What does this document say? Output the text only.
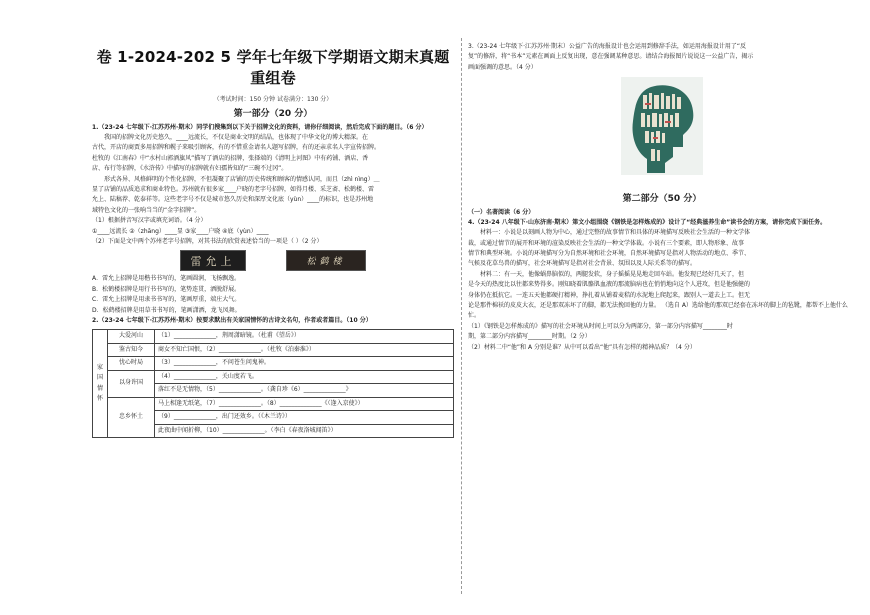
卷 1-2024-202 5 学年七年级下学期语文期末真题重组卷
（考试时间：150 分钟 试卷满分：130 分）
第一部分（20 分）

1.（23-24 七年级下·江苏苏州·期末）同学们搜集到以下关于招牌文化的资料，请你仔细阅读，然后完成下面的题目。（6 分）

我国的招牌文化历史悠久，____远流长，不仅是商业文明的结晶，也体现了中华文化的博大精深。在

古代，开店的商贾多用招牌和幌子来吸引顾客，有的不惜重金请名人题写招牌，有的还亲求名人字宣传招牌。

杜牧的《江南春》中“水村山郭酒旗风”描写了酒店的招牌，张择端的《清明上河图》中有药铺、酒店、香

店、布行等招牌，《水浒传》中描写的招牌就有妇孺皆知的“三碗不过冈”。

形式各异、风格鲜明的个性化招牌，不但凝聚了店铺的历史传统和顾客的情感认同，而且（zhì nìng）＿

显了店铺的品质追求和商业特色。苏州就有很多家____户晓的老字号招牌，如得月楼、采芝斋、松鹤楼、雷

允上、陆稿荐、乾泰祥等。这些老字号不仅是城市悠久历史和深厚文化底（yùn）____的标识，也是苏州地

域特色文化的一张响当当的“金字招牌”。

（1）根据拼音写汉字或填充词语。（4 分）

①____远流长 ②（zhāng）____显 ③家____户晓 ④底（yùn）____

（2）下面是文中两个苏州老字号招牌，对其书法的欣赏表述恰当的一项是（ ）（2 分）

雷允上	松鹤楼

A．雷允上招牌是用楷书书写的，笔画圆润，飞扬飘逸。

B．松鹤楼招牌是用行书书写的，笔势连贯，洒脱舒展。

C．雷允上招牌是用隶书书写的，笔画厚重，端庄大气。

D．松鹤楼招牌是用草书书写的，笔画潇洒，龙飞凤舞。

2.（23-24 七年级下·江苏苏州·期末）按要求默出有关家国情怀的古诗文名句，作者或者篇目。（10 分）

家国情怀	大爱河山	（1）______________，荆周潇暗镜。（杜甫《望岳》）
	鉴古知今	商女不知亡国恨，（2）______________。（杜牧《泊秦淮》）
	忧心时局	（3）______________，不问苍生问鬼神。
	以身许国	（4）______________，关山度若飞。
		落红不是无情物，（5）______________。（龚自珍《6）______________》
	忠乡怀土	马上相逢无纸笔，（7）______________。（8）______________《（逢入京使》）
		（9）______________，出门还效乡。（《木兰诗》）
		此夜曲中闻折柳，（10）______________。（李白《春夜洛城闻笛》）

3.（23-24 七年级下·江苏苏州·期末）公益广告的海报设计也会运用到修辞手法，如运用海报设计用了“反

复”的修辞，将“书本”元素在画面上反复出现，意在强调某种意思。请结合海报图片说说这一公益广告，揭示

画面强调的意思。（4 分）

第二部分（50 分）

（一）名著阅读（6 分）

4.（23-24 八年级下·山东济南·期末）第文小组围绕《钢铁是怎样炼成的》设计了“经典滋养生命”读书会的方案，请你完成下面任务。

材料一：小说是以刻画人物为中心，通过完整的故事情节和具体的环境描写反映社会生活的一种文学体

裁，或通过情节的展开和环境的渲染反映社会生活的一种文学体裁。小说有三个要素，即人物形象、故事

情节和典型环境。小说的环境描写分为自然环境和社会环境，自然环境描写是指对人物活动的地点、季节、

气候及花草鸟兽的描写，社会环境描写是指对社会背景、氛围以及人际关系等的描写。

材料二：有一天，他像蜗鼻脑似的，两腿发软，身子摇摇晃晃地走回车站。他发现已经好几天了，但

是今天的热度比以往都来势得多。刚知晓着肌骼肌血液的那流脑病也在悄悄地向这个人进攻，但是他强健的

身体仍在抵抗它。一连五天他都硬打精神，挣扎着从铺着麦秸的水泥地上爬起来，跟别人一道去上工。但无

论是那件棉袄的皮皮大衣，还是那双冻坏了的脚，都无法挽回他的力量。 （选自 A）选给他的那双已经套在冻坏的脚上的毡靴，都帮不上他什么忙。

（1）《钢铁是怎样炼成的》描写的社会环境从时间上可以分为两部分，第一部分内容描写________时

期，第二部分内容描写________时期。（2 分）

（2）材料二中“他”和 A 分别是谁？从中可以看出“他”具有怎样的精神品质？（4 分）
